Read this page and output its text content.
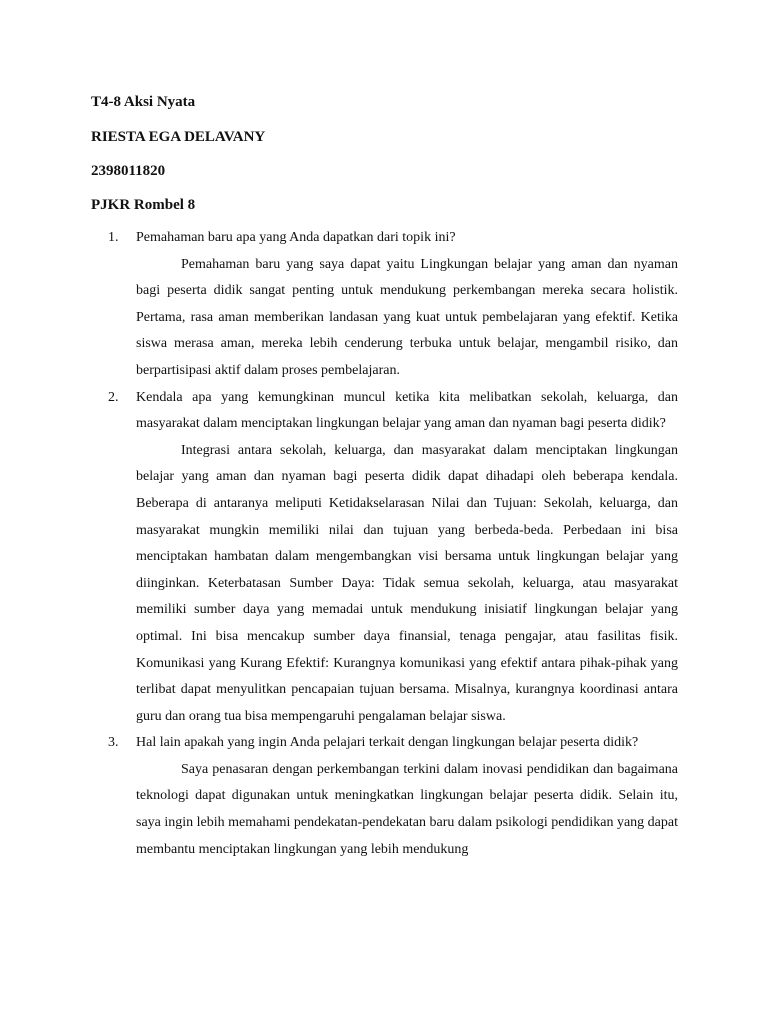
T4-8 Aksi Nyata
RIESTA EGA DELAVANY
2398011820
PJKR Rombel 8
1. Pemahaman baru apa yang Anda dapatkan dari topik ini?
Pemahaman baru yang saya dapat yaitu Lingkungan belajar yang aman dan nyaman bagi peserta didik sangat penting untuk mendukung perkembangan mereka secara holistik. Pertama, rasa aman memberikan landasan yang kuat untuk pembelajaran yang efektif. Ketika siswa merasa aman, mereka lebih cenderung terbuka untuk belajar, mengambil risiko, dan berpartisipasi aktif dalam proses pembelajaran.
2. Kendala apa yang kemungkinan muncul ketika kita melibatkan sekolah, keluarga, dan masyarakat dalam menciptakan lingkungan belajar yang aman dan nyaman bagi peserta didik?
Integrasi antara sekolah, keluarga, dan masyarakat dalam menciptakan lingkungan belajar yang aman dan nyaman bagi peserta didik dapat dihadapi oleh beberapa kendala. Beberapa di antaranya meliputi Ketidakselarasan Nilai dan Tujuan: Sekolah, keluarga, dan masyarakat mungkin memiliki nilai dan tujuan yang berbeda-beda. Perbedaan ini bisa menciptakan hambatan dalam mengembangkan visi bersama untuk lingkungan belajar yang diinginkan. Keterbatasan Sumber Daya: Tidak semua sekolah, keluarga, atau masyarakat memiliki sumber daya yang memadai untuk mendukung inisiatif lingkungan belajar yang optimal. Ini bisa mencakup sumber daya finansial, tenaga pengajar, atau fasilitas fisik. Komunikasi yang Kurang Efektif: Kurangnya komunikasi yang efektif antara pihak-pihak yang terlibat dapat menyulitkan pencapaian tujuan bersama. Misalnya, kurangnya koordinasi antara guru dan orang tua bisa mempengaruhi pengalaman belajar siswa.
3. Hal lain apakah yang ingin Anda pelajari terkait dengan lingkungan belajar peserta didik?
Saya penasaran dengan perkembangan terkini dalam inovasi pendidikan dan bagaimana teknologi dapat digunakan untuk meningkatkan lingkungan belajar peserta didik. Selain itu, saya ingin lebih memahami pendekatan-pendekatan baru dalam psikologi pendidikan yang dapat membantu menciptakan lingkungan yang lebih mendukung
